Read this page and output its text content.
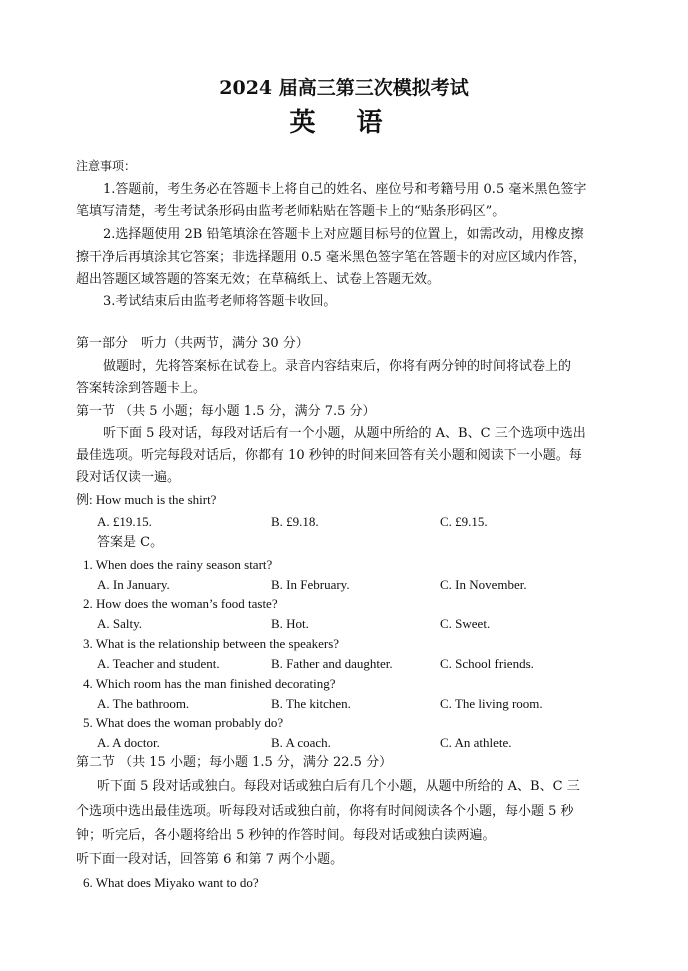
2024 届高三第三次模拟考试
英 语
注意事项：
1.答题前，考生务必在答题卡上将自己的姓名、座位号和考籍号用 0.5 毫米黑色签字
笔填写清楚，考生考试条形码由监考老师粘贴在答题卡上的“贴条形码区”。
2.选择题使用 2B 铅笔填涂在答题卡上对应题目标号的位置上，如需改动，用橡皮擦
擦干净后再填涂其它答案；非选择题用 0.5 毫米黑色签字笔在答题卡的对应区域内作答，
超出答题区域答题的答案无效；在草稿纸上、试卷上答题无效。
3.考试结束后由监考老师将答题卡收回。
第一部分　听力（共两节，满分 30 分）
做题时，先将答案标在试卷上。录音内容结束后，你将有两分钟的时间将试卷上的
答案转涂到答题卡上。
第一节 （共 5 小题；每小题 1.5 分，满分 7.5 分）
听下面 5 段对话，每段对话后有一个小题，从题中所给的 A、B、C 三个选项中选出
最佳选项。听完每段对话后，你都有 10 秒钟的时间来回答有关小题和阅读下一小题。每
段对话仅读一遍。
例: How much is the shirt?
A. £19.15.	B. £9.18.	C. £9.15.
答案是 C。
1. When does the rainy season start?
A. In January.	B. In February.	C. In November.
2. How does the woman’s food taste?
A. Salty.	B. Hot.	C. Sweet.
3. What is the relationship between the speakers?
A. Teacher and student.	B. Father and daughter.	C. School friends.
4. Which room has the man finished decorating?
A. The bathroom.	B. The kitchen.	C. The living room.
5. What does the woman probably do?
A. A doctor.	B. A coach.	C. An athlete.
第二节 （共 15 小题；每小题 1.5 分，满分 22.5 分）
听下面 5 段对话或独白。每段对话或独白后有几个小题，从题中所给的 A、B、C 三
个选项中选出最佳选项。听每段对话或独白前，你将有时间阅读各个小题，每小题 5 秒
钟；听完后，各小题将给出 5 秒钟的作答时间。每段对话或独白读两遍。
听下面一段对话，回答第 6 和第 7 两个小题。
6. What does Miyako want to do?
